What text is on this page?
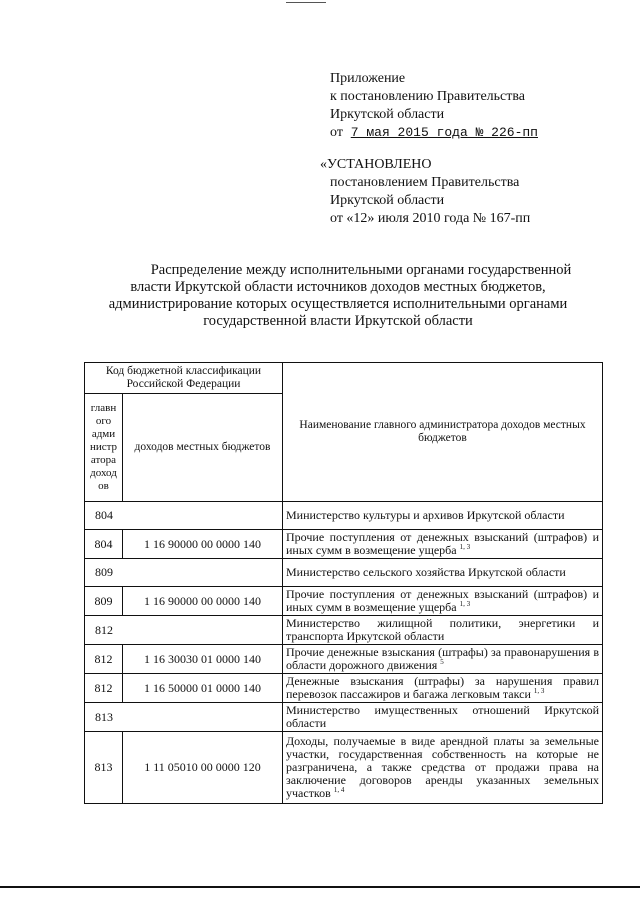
Приложение
к постановлению Правительства
Иркутской области
от 7 мая 2015 года № 226-пп
«УСТАНОВЛЕНО
постановлением Правительства
Иркутской области
от «12» июля 2010 года № 167-пп
Распределение между исполнительными органами государственной
власти Иркутской области источников доходов местных бюджетов,
администрирование которых осуществляется исполнительными органами
государственной власти Иркутской области
Код бюджетной классификации Российской Федерации		Наименование главного администратора доходов местных бюджетов
главн ого адми нистр атора доход ов	доходов местных бюджетов	
804		Министерство культуры и архивов Иркутской области
804	1 16 90000 00 0000 140	Прочие поступления от денежных взысканий (штрафов) и иных сумм в возмещение ущерба $^{1, 3}$
809		Министерство сельского хозяйства Иркутской области
809	1 16 90000 00 0000 140	Прочие поступления от денежных взысканий (штрафов) и иных сумм в возмещение ущерба $^{1, 3}$
812		Министерство жилищной политики, энергетики и транспорта Иркутской области
812	1 16 30030 01 0000 140	Прочие денежные взыскания (штрафы) за правонарушения в области дорожного движения $^5$
812	1 16 50000 01 0000 140	Денежные взыскания (штрафы) за нарушения правил перевозок пассажиров и багажа легковым такси $^{1, 3}$
813		Министерство имущественных отношений Иркутской области
813	1 11 05010 00 0000 120	Доходы, получаемые в виде арендной платы за земельные участки, государственная собственность на которые не разграничена, а также средства от продажи права на заключение договоров аренды указанных земельных участков $^{1, 4}$
